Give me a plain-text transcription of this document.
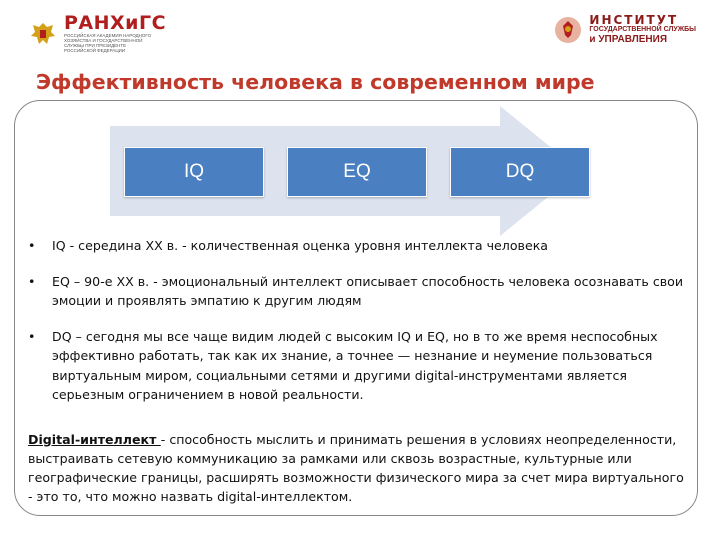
РАНХиГС
РОССИЙСКАЯ АКАДЕМИЯ НАРОДНОГО ХОЗЯЙСТВА И ГОСУДАРСТВЕННОЙ СЛУЖБЫ ПРИ ПРЕЗИДЕНТЕ РОССИЙСКОЙ ФЕДЕРАЦИИ
ИНСТИТУТ
ГОСУДАРСТВЕННОЙ СЛУЖБЫ
и УПРАВЛЕНИЯ
Эффективность человека в современном мире
IQ	EQ	DQ
• IQ - середина XX в. - количественная оценка уровня интеллекта человека
• EQ – 90-е XX в. - эмоциональный интеллект описывает способность человека осознавать свои эмоции и проявлять эмпатию к другим людям
• DQ – сегодня мы все чаще видим людей с высоким IQ и EQ, но в то же время неспособных эффективно работать, так как их знание, а точнее — незнание и неумение пользоваться виртуальным миром, социальными сетями и другими digital-инструментами является серьезным ограничением в новой реальности.

Digital-интеллект - способность мыслить и принимать решения в условиях неопределенности, выстраивать сетевую коммуникацию за рамками или сквозь возрастные, культурные или географические границы, расширять возможности физического мира за счет мира виртуального - это то, что можно назвать digital-интеллектом.
